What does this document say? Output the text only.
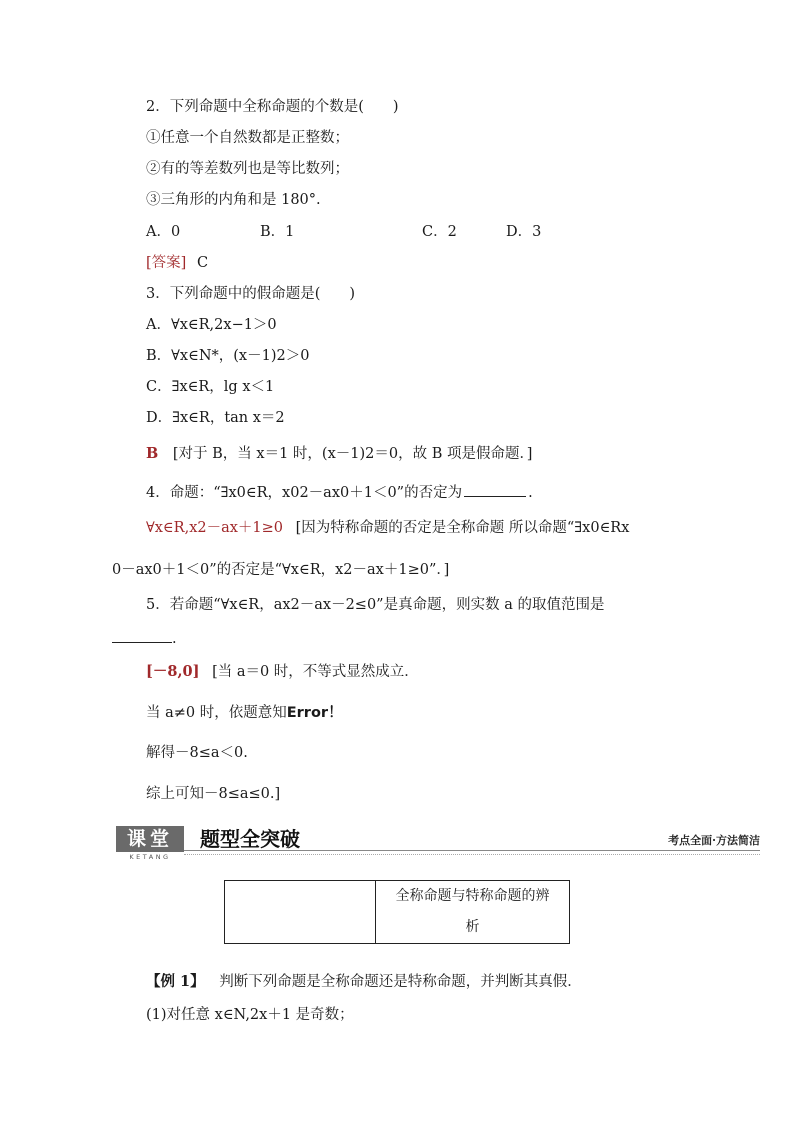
2．下列命题中全称命题的个数是(　　)
①任意一个自然数都是正整数；
②有的等差数列也是等比数列；
③三角形的内角和是 180°.
A．0	B．1	C．2	D．3
[答案] C
3．下列命题中的假命题是(　　)
A．∀x∈R,2x−1＞0
B．∀x∈N*，(x－1)2＞0
C．∃x∈R，lg x＜1
D．∃x∈R，tan x＝2
B [对于 B，当 x＝1 时，(x－1)2＝0，故 B 项是假命题．]
4．命题：“∃x0∈R，x02－ax0＋1＜0”的否定为	.
∀x∈R,x2－ax＋1≥0 [因为特称命题的否定是全称命题 所以命题“∃x0∈Rx
0－ax0＋1＜0”的否定是“∀x∈R，x2－ax＋1≥0”．]
5．若命题“∀x∈R，ax2－ax－2≤0”是真命题，则实数 a 的取值范围是
.
[－8,0] [当 a＝0 时，不等式显然成立．
当 a≠0 时，依题意知Error！
解得－8≤a＜0.
综上可知－8≤a≤0.]
课堂
KETANG
题型全突破	考点全面·方法简洁
全称命题与特称命题的辨
析
【例 1】 判断下列命题是全称命题还是特称命题，并判断其真假．
(1)对任意 x∈N,2x＋1 是奇数；
